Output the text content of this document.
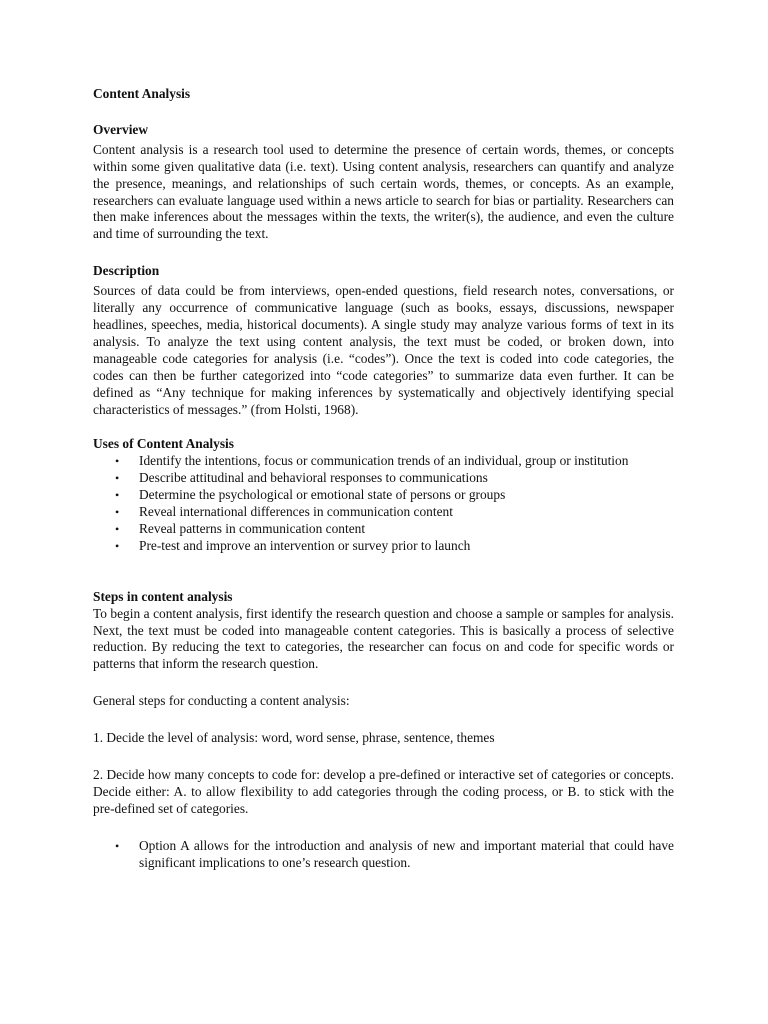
Content Analysis

Overview

Content analysis is a research tool used to determine the presence of certain words, themes, or concepts within some given qualitative data (i.e. text). Using content analysis, researchers can quantify and analyze the presence, meanings, and relationships of such certain words, themes, or concepts. As an example, researchers can evaluate language used within a news article to search for bias or partiality. Researchers can then make inferences about the messages within the texts, the writer(s), the audience, and even the culture and time of surrounding the text.

Description

Sources of data could be from interviews, open-ended questions, field research notes, conversations, or literally any occurrence of communicative language (such as books, essays, discussions, newspaper headlines, speeches, media, historical documents). A single study may analyze various forms of text in its analysis. To analyze the text using content analysis, the text must be coded, or broken down, into manageable code categories for analysis (i.e. “codes”). Once the text is coded into code categories, the codes can then be further categorized into “code categories” to summarize data even further. It can be defined as “Any technique for making inferences by systematically and objectively identifying special characteristics of messages.” (from Holsti, 1968).

Uses of Content Analysis

• Identify the intentions, focus or communication trends of an individual, group or institution
• Describe attitudinal and behavioral responses to communications
• Determine the psychological or emotional state of persons or groups
• Reveal international differences in communication content
• Reveal patterns in communication content
• Pre-test and improve an intervention or survey prior to launch

Steps in content analysis

To begin a content analysis, first identify the research question and choose a sample or samples for analysis. Next, the text must be coded into manageable content categories. This is basically a process of selective reduction. By reducing the text to categories, the researcher can focus on and code for specific words or patterns that inform the research question.

General steps for conducting a content analysis:

1. Decide the level of analysis: word, word sense, phrase, sentence, themes

2. Decide how many concepts to code for: develop a pre-defined or interactive set of categories or concepts. Decide either: A. to allow flexibility to add categories through the coding process, or B. to stick with the pre-defined set of categories.

• Option A allows for the introduction and analysis of new and important material that could have significant implications to one’s research question.
